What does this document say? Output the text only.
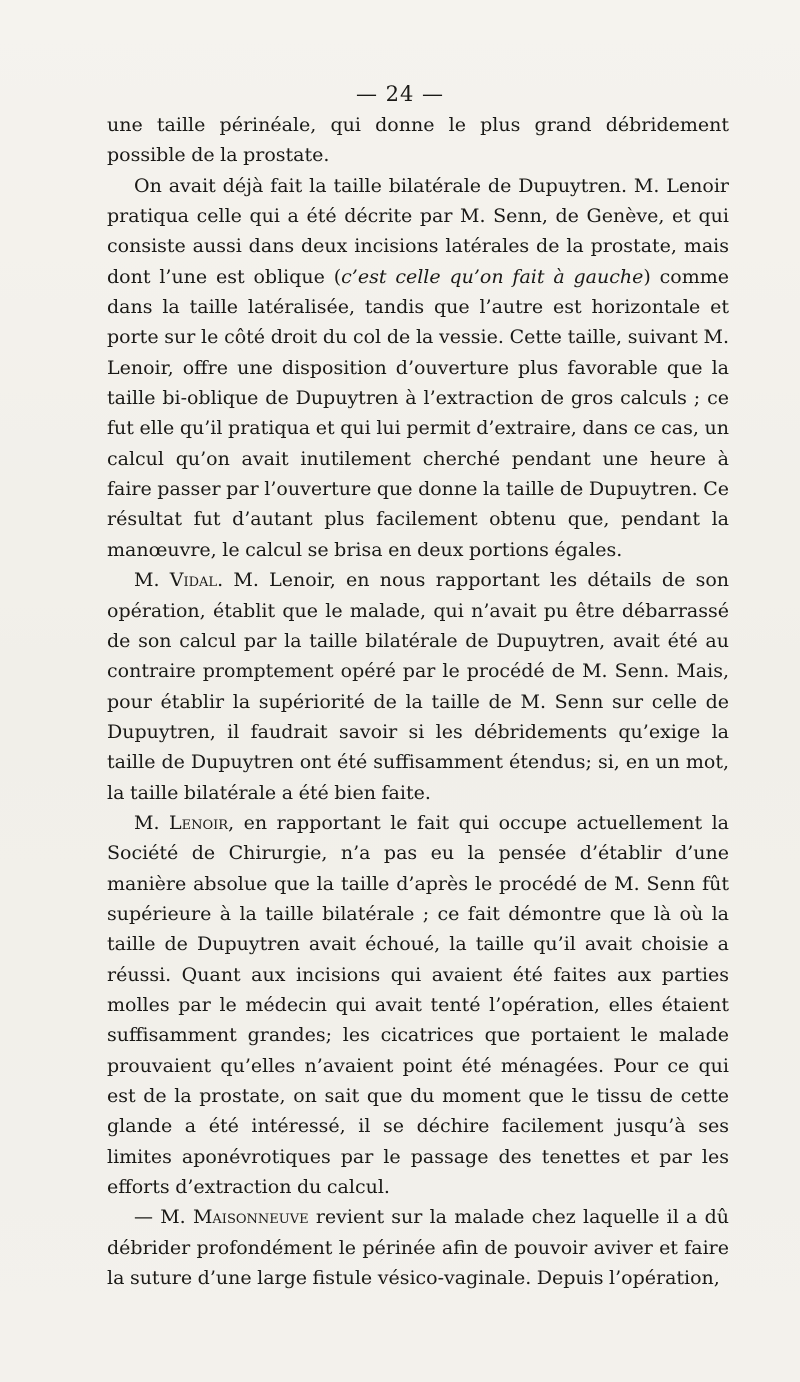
— 24 —

une taille périnéale, qui donne le plus grand débridement possible de la prostate.

On avait déjà fait la taille bilatérale de Dupuytren. M. Lenoir pratiqua celle qui a été décrite par M. Senn, de Genève, et qui consiste aussi dans deux incisions latérales de la prostate, mais dont l’une est oblique (c’est celle qu’on fait à gauche) comme dans la taille latéralisée, tandis que l’autre est horizontale et porte sur le côté droit du col de la vessie. Cette taille, suivant M. Lenoir, offre une disposition d’ouverture plus favorable que la taille bi-oblique de Dupuytren à l’extraction de gros calculs ; ce fut elle qu’il pratiqua et qui lui permit d’extraire, dans ce cas, un calcul qu’on avait inutilement cherché pendant une heure à faire passer par l’ouverture que donne la taille de Dupuytren. Ce résultat fut d’autant plus facilement obtenu que, pendant la manœuvre, le calcul se brisa en deux portions égales.

M. Vidal. M. Lenoir, en nous rapportant les détails de son opération, établit que le malade, qui n’avait pu être débarrassé de son calcul par la taille bilatérale de Dupuytren, avait été au contraire promptement opéré par le procédé de M. Senn. Mais, pour établir la supériorité de la taille de M. Senn sur celle de Dupuytren, il faudrait savoir si les débridements qu’exige la taille de Dupuytren ont été suffisamment étendus; si, en un mot, la taille bilatérale a été bien faite.

M. Lenoir, en rapportant le fait qui occupe actuellement la Société de Chirurgie, n’a pas eu la pensée d’établir d’une manière absolue que la taille d’après le procédé de M. Senn fût supérieure à la taille bilatérale ; ce fait démontre que là où la taille de Dupuytren avait échoué, la taille qu’il avait choisie a réussi. Quant aux incisions qui avaient été faites aux parties molles par le médecin qui avait tenté l’opération, elles étaient suffisamment grandes; les cicatrices que portaient le malade prouvaient qu’elles n’avaient point été ménagées. Pour ce qui est de la prostate, on sait que du moment que le tissu de cette glande a été intéressé, il se déchire facilement jusqu’à ses limites aponévrotiques par le passage des tenettes et par les efforts d’extraction du calcul.

— M. Maisonneuve revient sur la malade chez laquelle il a dû débrider profondément le périnée afin de pouvoir aviver et faire la suture d’une large fistule vésico-vaginale. Depuis l’opération,
